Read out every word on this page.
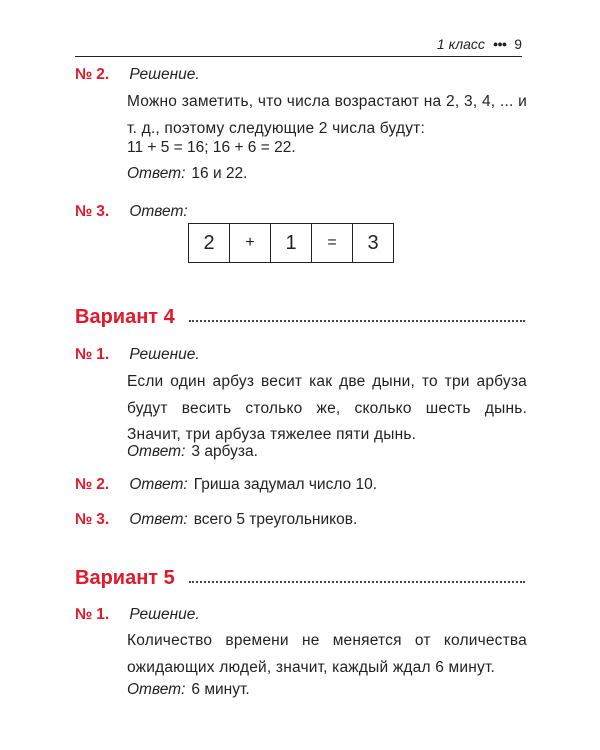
1 класс ●●● 9
№ 2. Решение.
Можно заметить, что числа возрастают на 2, 3, 4, ... и т. д., поэтому следующие 2 числа будут:
11 + 5 = 16; 16 + 6 = 22.
Ответ: 16 и 22.
№ 3. Ответ:
2	+	1	=	3
Вариант 4
№ 1. Решение.
Если один арбуз весит как две дыни, то три арбуза будут весить столько же, сколько шесть дынь. Значит, три арбуза тяжелее пяти дынь.
Ответ: 3 арбуза.
№ 2. Ответ: Гриша задумал число 10.
№ 3. Ответ: всего 5 треугольников.
Вариант 5
№ 1. Решение.
Количество времени не меняется от количества ожидающих людей, значит, каждый ждал 6 минут.
Ответ: 6 минут.
